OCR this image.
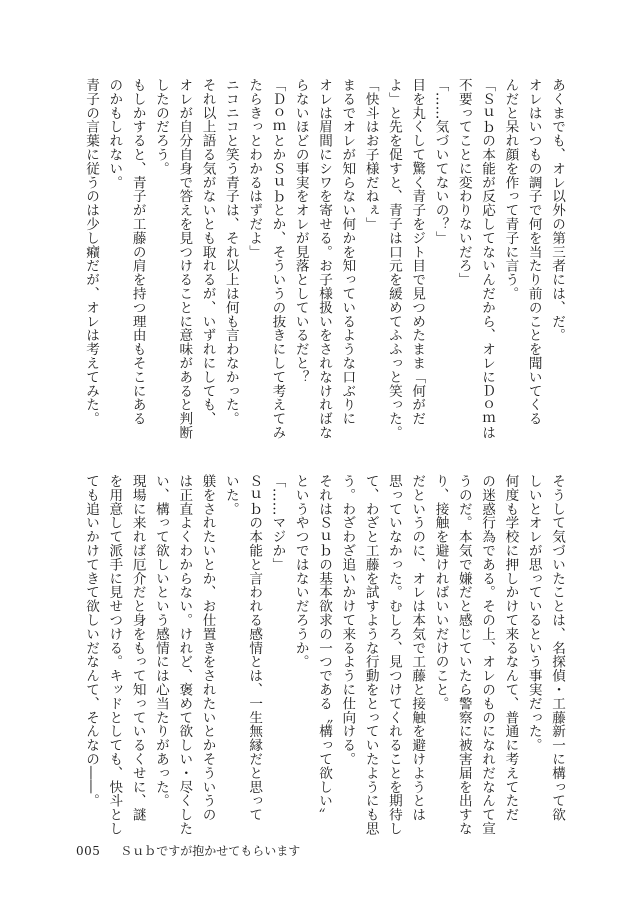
あくまでも、オレ以外の第三者には、だ。
オレはいつもの調子で何を当たり前のことを聞いてくる
んだと呆れ顔を作って青子に言う。
「Ｓｕｂの本能が反応してないんだから、オレにＤｏｍは
不要ってことに変わりないだろ」
「……気づいてないの？」
目を丸くして驚く青子をジト目で見つめたまま「何がだ
よ」と先を促すと、青子は口元を緩めてふふっと笑った。
「快斗はお子様だねぇ」
まるでオレが知らない何かを知っているような口ぶりに
オレは眉間にシワを寄せる。お子様扱いをされなければな
らないほどの事実をオレが見落としているだと？
「ＤｏｍとかＳｕｂとか、そういうの抜きにして考えてみ
たらきっとわかるはずだよ」
ニコニコと笑う青子は、それ以上は何も言わなかった。
それ以上語る気がないとも取れるが、いずれにしても、
オレが自分自身で答えを見つけることに意味があると判断
したのだろう。
もしかすると、青子が工藤の肩を持つ理由もそこにある
のかもしれない。
青子の言葉に従うのは少し癪だが、オレは考えてみた。
そうして気づいたことは、名探偵・工藤新一に構って欲
しいとオレが思っているという事実だった。
何度も学校に押しかけて来るなんて、普通に考えてただ
の迷惑行為である。その上、オレのものになれだなんて宣
うのだ。本気で嫌だと感じていたら警察に被害届を出すな
り、接触を避ければいいだけのこと。
だというのに、オレは本気で工藤と接触を避けようとは
思っていなかった。むしろ、見つけてくれることを期待し
て、わざと工藤を試すような行動をとっていたようにも思
う。わざわざ追いかけて来るように仕向ける。
それはＳｕｂの基本欲求の一つである〝構って欲しい〟
というやつではないだろうか。
「……マジか」
Ｓｕｂの本能と言われる感情とは、一生無縁だと思って
いた。
躾をされたいとか、お仕置きをされたいとかそういうの
は正直よくわからない。けれど、褒めて欲しい・尽くした
い、構って欲しいという感情には心当たりがあった。
現場に来れば厄介だと身をもって知っているくせに、謎
を用意して派手に見せつける。キッドとしても、快斗とし
ても追いかけてきて欲しいだなんて、そんなの――。
005 Ｓｕｂですが抱かせてもらいます
